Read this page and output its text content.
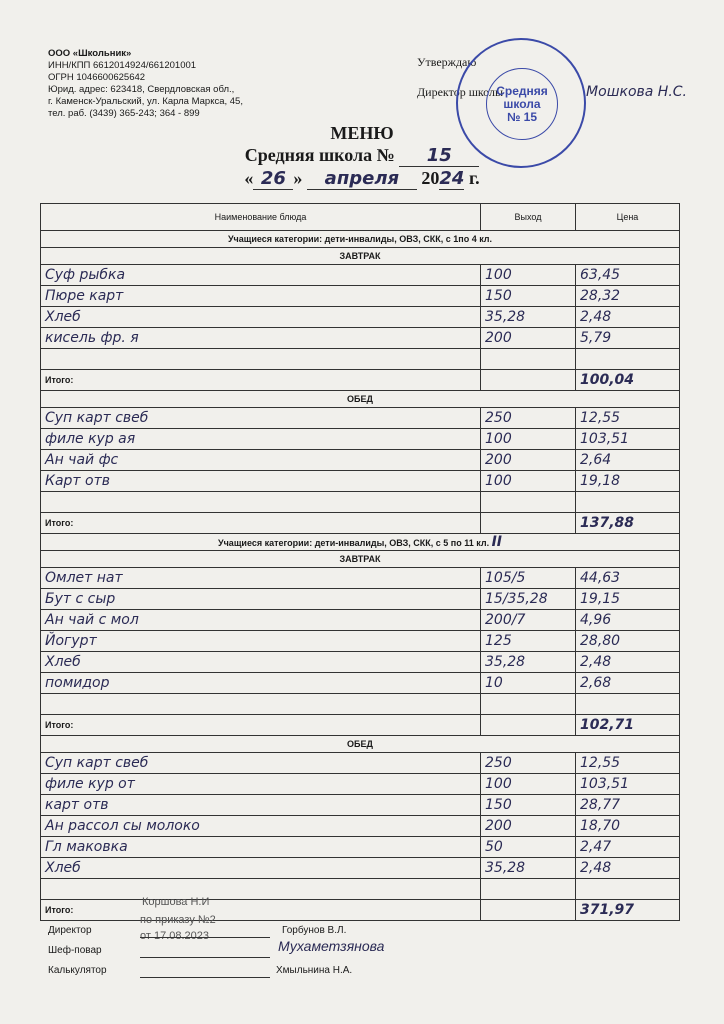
ООО «Школьник»
ИНН/КПП 6612014924/661201001
ОГРН 1046600625642
Юрид. адрес: 623418, Свердловская обл.,
г. Каменск-Уральский, ул. Карла Маркса, 45,
тел. раб. (3439) 365-243; 364 - 899
Утверждаю
Директор школы	Мошкова Н.С.
Средняя
школа
№ 15
МЕНЮ
Средняя школа № 15
« 26 » апреля 2024 г.
Наименование блюда	Выход	Цена
Учащиеся категории: дети-инвалиды, ОВЗ, СКК, с 1по 4 кл.		
ЗАВТРАК		
Суф рыбка	100	63,45
Пюре карт	150	28,32
Хлеб	35,28	2,48
кисель фр. я	200	5,79

Итого:		100,04
ОБЕД		
Суп карт свеб	250	12,55
филе кур ая	100	103,51
Ан чай фс	200	2,64
Карт отв	100	19,18

Итого:		137,88
Учащиеся категории: дети-инвалиды, ОВЗ, СКК, с 5 по 11 кл. II		
ЗАВТРАК		
Омлет нат	105/5	44,63
Бут с сыр	15/35,28	19,15
Ан чай с мол	200/7	4,96
Йогурт	125	28,80
Хлеб	35,28	2,48
помидор	10	2,68

Итого:		102,71
ОБЕД		
Суп карт свеб	250	12,55
филе кур от	100	103,51
карт отв	150	28,77
Ан рассол сы молоко	200	18,70
Гл маковка	50	2,47
Хлеб	35,28	2,48

Итого:		371,97
Директор	Горбунов В.Л.
Коршова Н.И
по приказу №2
от 17.08.2023
Шеф-повар	Мухаметзянова
Калькулятор	Хмыльнина Н.А.
